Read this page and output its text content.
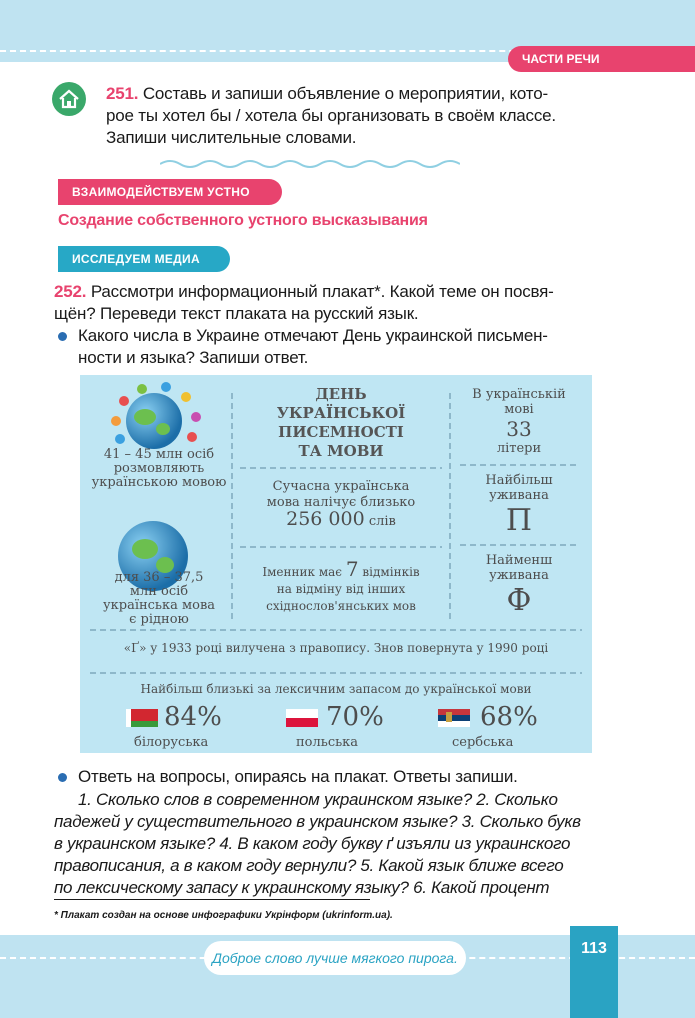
ЧАСТИ РЕЧИ
251. Составь и запиши объявление о мероприятии, кото-
рое ты хотел бы / хотела бы организовать в своём классе.
Запиши числительные словами.
ВЗАИМОДЕЙСТВУЕМ УСТНО
Создание собственного устного высказывания
ИССЛЕДУЕМ МЕДИА
252. Рассмотри информационный плакат*. Какой теме он посвя-
щён? Переведи текст плаката на русский язык.
Какого числа в Украине отмечают День украинской письмен-
ности и языка? Запиши ответ.
41 – 45 млн осіб
розмовляють
українською мовою
для 36 – 37,5
млн осіб
українська мова
є рідною
ДЕНЬ
УКРАЇНСЬКОЇ
ПИСЕМНОСТІ
ТА МОВИ
Сучасна українська
мова налічує близько
256 000 слів
Іменник має 7 відмінків
на відміну від інших
східнослов'янських мов
В українській
мові
33
літери
Найбільш
уживана
П
Найменш
уживана
Ф
«Ґ» у 1933 році вилучена з правопису. Знов повернута у 1990 році
Найбільш близькі за лексичним запасом до української мови
84%
білоруська
70%
польська
68%
сербська
Ответь на вопросы, опираясь на плакат. Ответы запиши.
1. Сколько слов в современном украинском языке? 2. Сколько
падежей у существительного в украинском языке? 3. Сколько букв
в украинском языке? 4. В каком году букву ґ изъяли из украинского
правописания, а в каком году вернули? 5. Какой язык ближе всего
по лексическому запасу к украинскому языку? 6. Какой процент
* Плакат создан на основе инфографики Укрінформ (ukrinform.ua).
Доброе слово лучше мягкого пирога.
113
